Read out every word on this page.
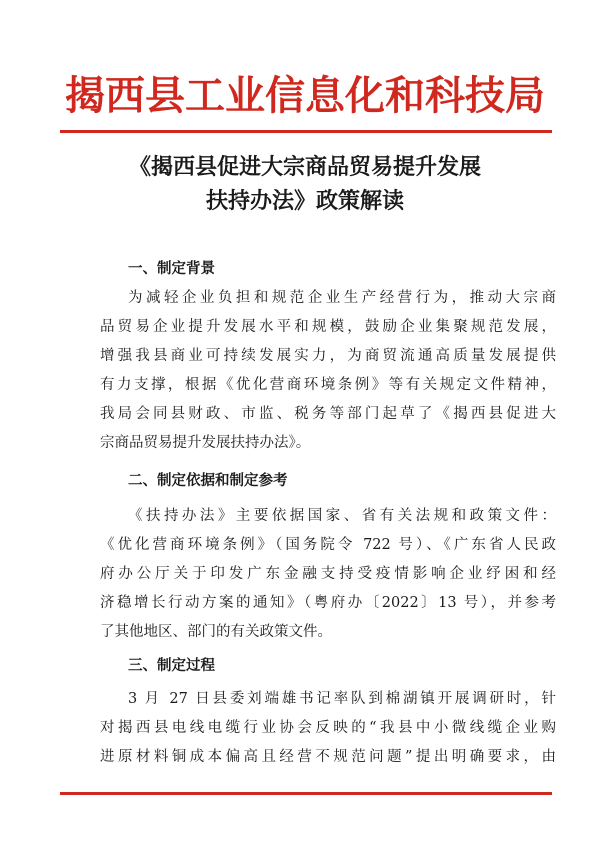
揭西县工业信息化和科技局
《揭西县促进大宗商品贸易提升发展
扶持办法》政策解读
一、制定背景
为减轻企业负担和规范企业生产经营行为，推动大宗商
品贸易企业提升发展水平和规模，鼓励企业集聚规范发展，
增强我县商业可持续发展实力，为商贸流通高质量发展提供
有力支撑，根据《优化营商环境条例》等有关规定文件精神，
我局会同县财政、市监、税务等部门起草了《揭西县促进大
宗商品贸易提升发展扶持办法》。
二、制定依据和制定参考
《扶持办法》主要依据国家、省有关法规和政策文件：
《优化营商环境条例》（国务院令 722 号）、《广东省人民政
府办公厅关于印发广东金融支持受疫情影响企业纾困和经
济稳增长行动方案的通知》（粤府办〔2022〕13 号），并参考
了其他地区、部门的有关政策文件。
三、制定过程
3 月 27 日县委刘端雄书记率队到棉湖镇开展调研时，针
对揭西县电线电缆行业协会反映的“我县中小微线缆企业购
进原材料铜成本偏高且经营不规范问题”提出明确要求，由
